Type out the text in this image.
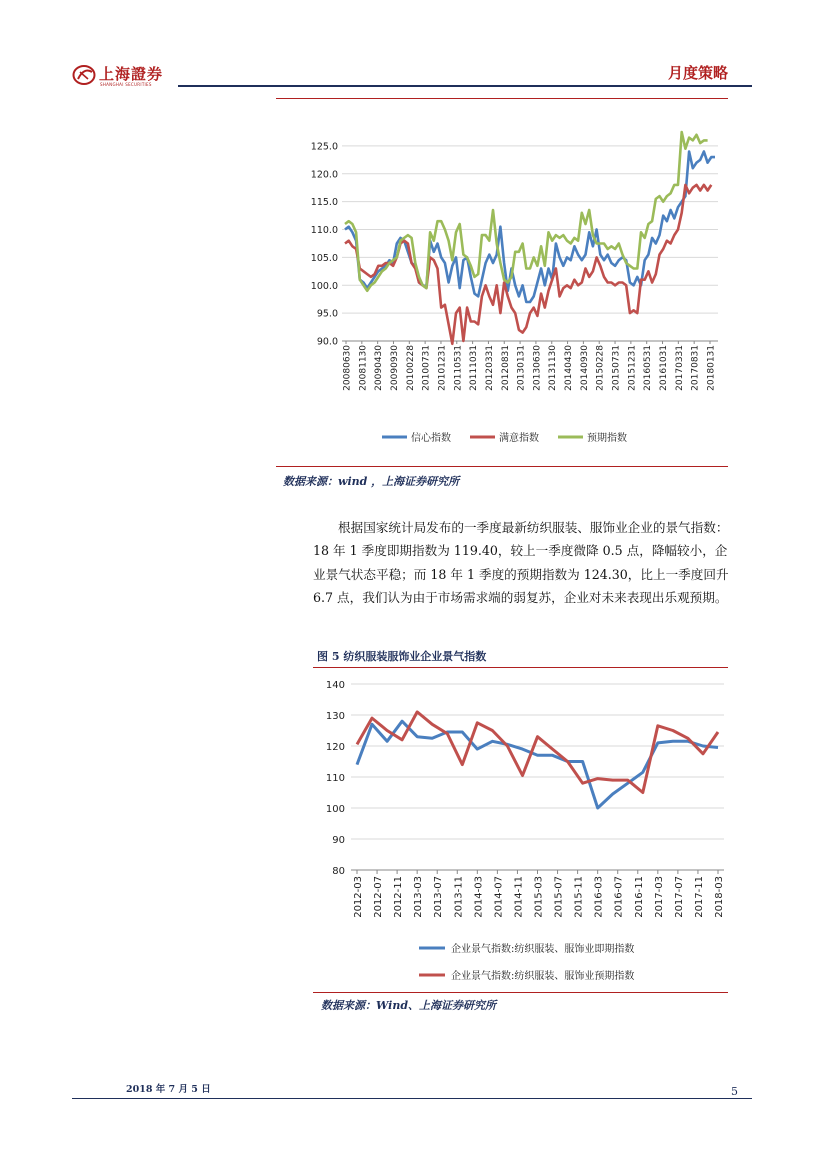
上海證券
SHANGHAI SECURITIES
月度策略
90.0
95.0
100.0
105.0
110.0
115.0
120.0
125.0
20080630 20081130 20090430 20090930 20100228 20100731 20101231 20110531 20111031 20120331 20120831 20130131 20130630 20131130 20140430 20140930 20150228 20150731 20151231 20160531 20161031 20170331 20170831 20180131
信心指数	满意指数	预期指数
数据来源：wind ，上海证券研究所
根据国家统计局发布的一季度最新纺织服装、服饰业企业的景气指数：18 年 1 季度即期指数为 119.40，较上一季度微降 0.5 点，降幅较小，企业景气状态平稳；而 18 年 1 季度的预期指数为 124.30，比上一季度回升 6.7 点，我们认为由于市场需求端的弱复苏，企业对未来表现出乐观预期。
图 5 纺织服装服饰业企业景气指数
80
90
100
110
120
130
140
2012-03 2012-07 2012-11 2013-03 2013-07 2013-11 2014-03 2014-07 2014-11 2015-03 2015-07 2015-11 2016-03 2016-07 2016-11 2017-03 2017-07 2017-11 2018-03
企业景气指数:纺织服装、服饰业即期指数
企业景气指数:纺织服装、服饰业预期指数
数据来源：Wind、上海证券研究所
2018 年 7 月 5 日	5
